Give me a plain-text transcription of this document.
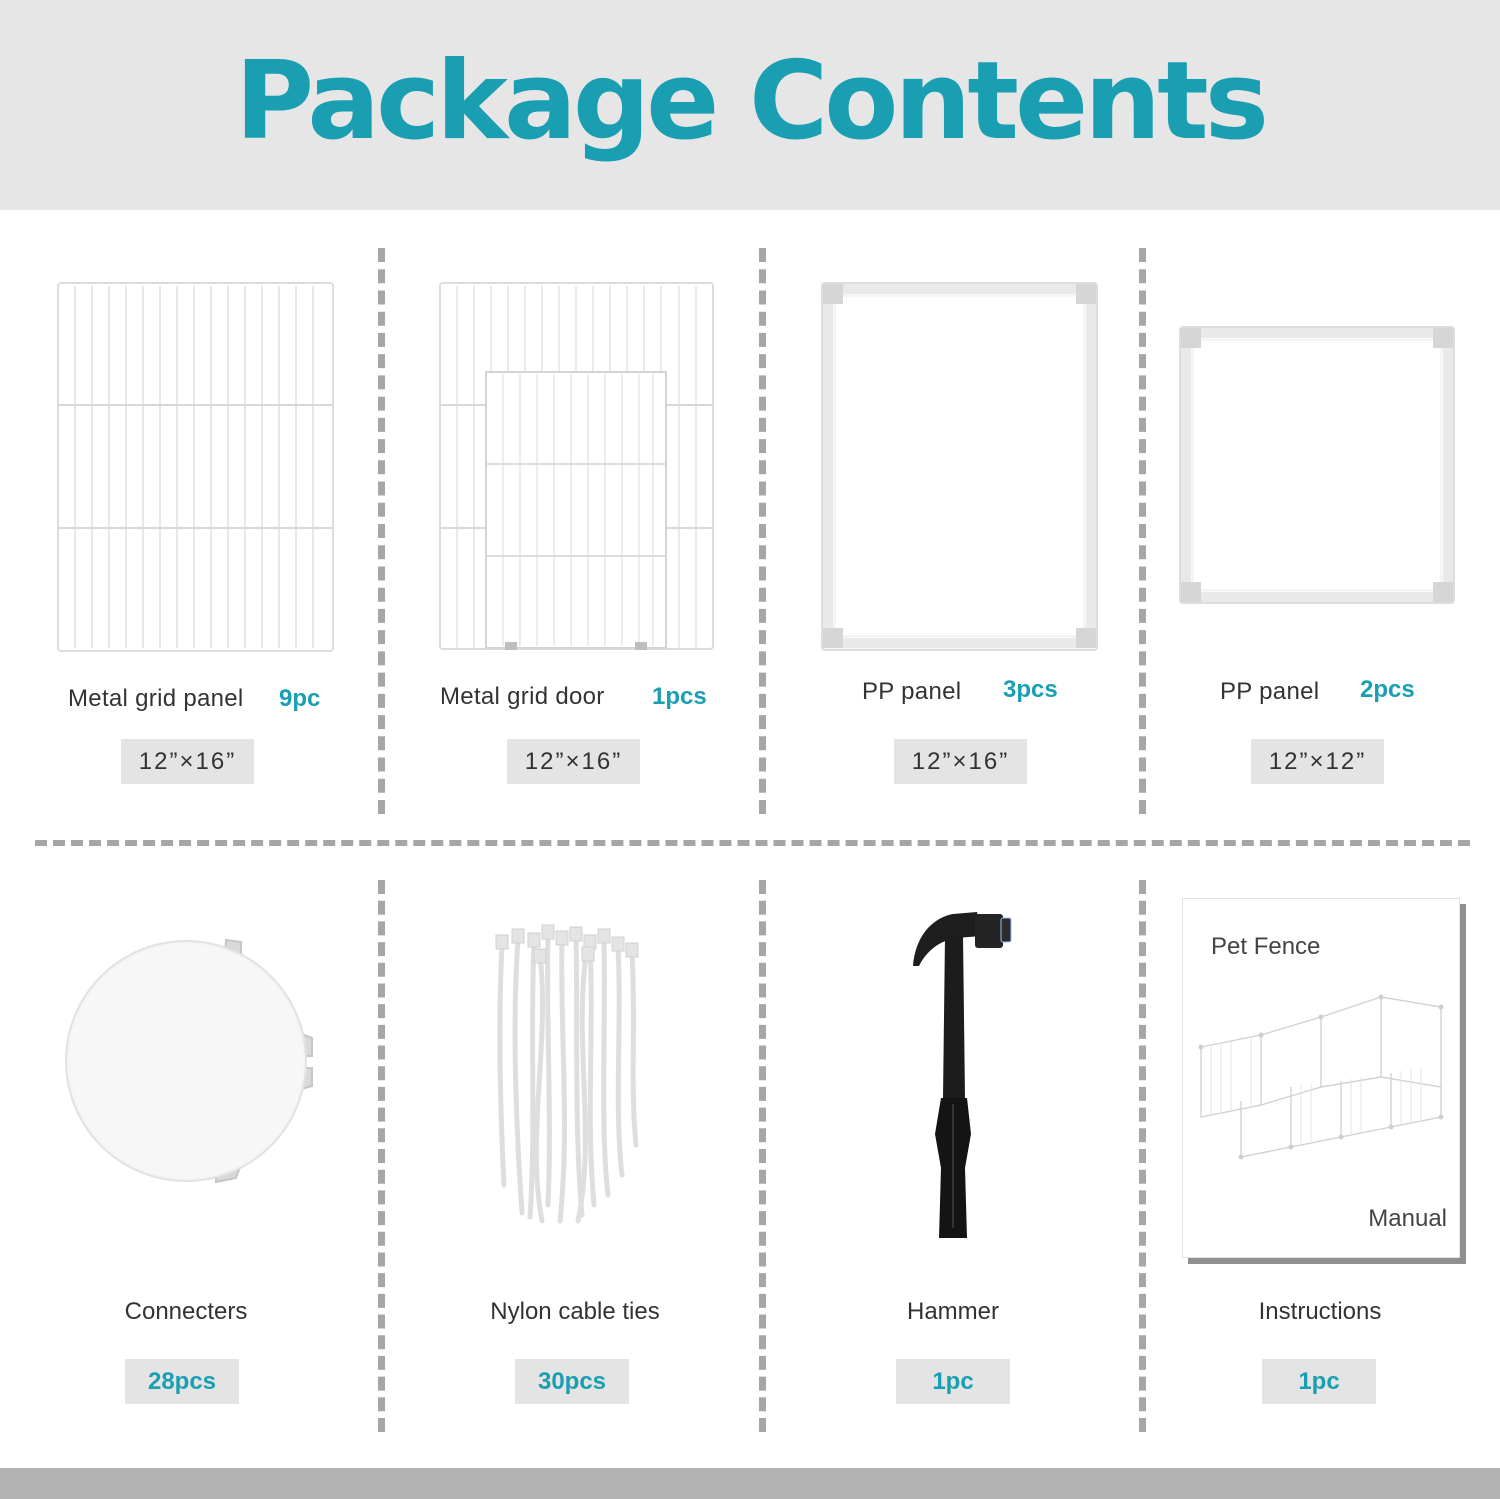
Package Contents
Metal grid panel 9pc
12”×16”
Metal grid door 1pcs
12”×16”
PP panel 3pcs
12”×16”
PP panel 2pcs
12”×12”
Connecters
28pcs
Nylon cable ties
30pcs
Hammer
1pc
Pet Fence
Manual
Instructions
1pc
